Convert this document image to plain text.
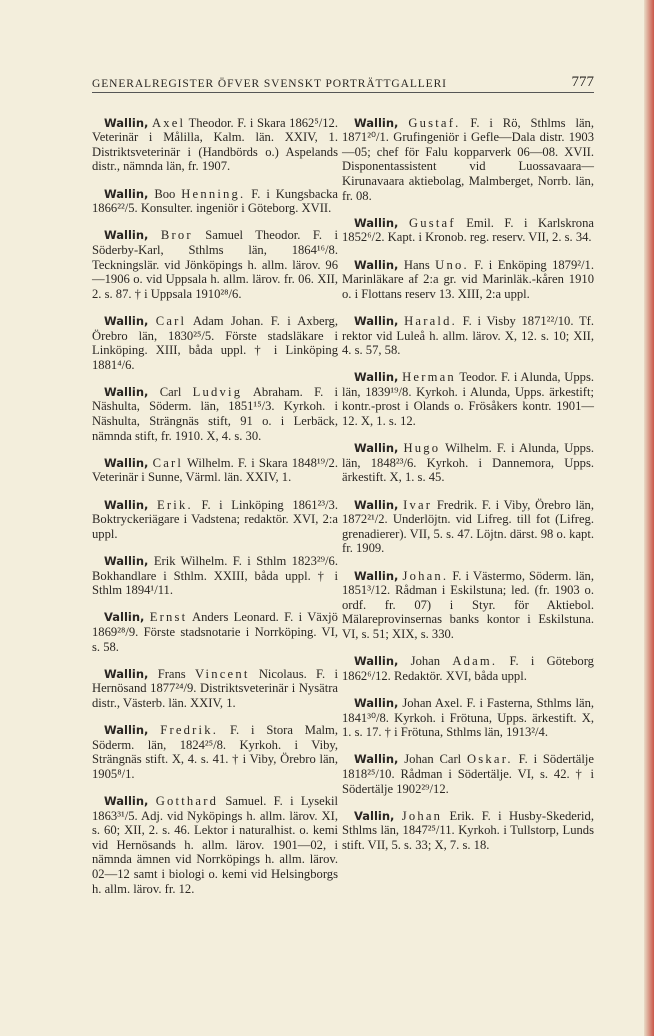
GENERALREGISTER ÖFVER SVENSKT PORTRÄTTGALLERI	777

Wallin, Axel Theodor. F. i Skara 1862⁵/12. Veterinär i Målilla, Kalm. län. XXIV, 1. Distriktsveterinär i (Handbörds o.) Aspelands distr., nämnda län, fr. 1907.

Wallin, Boo Henning. F. i Kungsbacka 1866²²/5. Konsulter. ingeniör i Göteborg. XVII.

Wallin, Bror Samuel Theodor. F. i Söderby-Karl, Sthlms län, 1864¹⁶/8. Teckningslär. vid Jönköpings h. allm. lärov. 96—1906 o. vid Uppsala h. allm. lärov. fr. 06. XII, 2. s. 87. † i Uppsala 1910²⁸/6.

Wallin, Carl Adam Johan. F. i Axberg, Örebro län, 1830²⁵/5. Förste stadsläkare i Linköping. XIII, båda uppl. † i Linköping 1881⁴/6.

Wallin, Carl Ludvig Abraham. F. i Näshulta, Söderm. län, 1851¹⁵/3. Kyrkoh. i Näshulta, Strängnäs stift, 91 o. i Lerbäck, nämnda stift, fr. 1910. X, 4. s. 30.

Wallin, Carl Wilhelm. F. i Skara 1848¹⁹/2. Veterinär i Sunne, Värml. län. XXIV, 1.

Wallin, Erik. F. i Linköping 1861²³/3. Boktryckeriägare i Vadstena; redaktör. XVI, 2:a uppl.

Wallin, Erik Wilhelm. F. i Sthlm 1823²⁹/6. Bokhandlare i Sthlm. XXIII, båda uppl. † i Sthlm 1894¹/11.

Vallin, Ernst Anders Leonard. F. i Växjö 1869²⁸/9. Förste stadsnotarie i Norrköping. VI, s. 58.

Wallin, Frans Vincent Nicolaus. F. i Hernösand 1877²⁴/9. Distriktsveterinär i Nysätra distr., Västerb. län. XXIV, 1.

Wallin, Fredrik. F. i Stora Malm, Söderm. län, 1824²⁵/8. Kyrkoh. i Viby, Strängnäs stift. X, 4. s. 41. † i Viby, Örebro län, 1905⁸/1.

Wallin, Gotthard Samuel. F. i Lysekil 1863³¹/5. Adj. vid Nyköpings h. allm. lärov. XI, s. 60; XII, 2. s. 46. Lektor i naturalhist. o. kemi vid Hernösands h. allm. lärov. 1901—02, i nämnda ämnen vid Norrköpings h. allm. lärov. 02—12 samt i biologi o. kemi vid Helsingborgs h. allm. lärov. fr. 12.

Wallin, Gustaf. F. i Rö, Sthlms län, 1871²⁰/1. Grufingeniör i Gefle—Dala distr. 1903—05; chef för Falu kopparverk 06—08. XVII. Disponentassistent vid Luossavaara—Kirunavaara aktiebolag, Malmberget, Norrb. län, fr. 08.

Wallin, Gustaf Emil. F. i Karlskrona 1852⁶/2. Kapt. i Kronob. reg. reserv. VII, 2. s. 34.

Wallin, Hans Uno. F. i Enköping 1879²/1. Marinläkare af 2:a gr. vid Marinläk.-kåren 1910 o. i Flottans reserv 13. XIII, 2:a uppl.

Wallin, Harald. F. i Visby 1871²²/10. Tf. rektor vid Luleå h. allm. lärov. X, 12. s. 10; XII, 4. s. 57, 58.

Wallin, Herman Teodor. F. i Alunda, Upps. län, 1839¹⁹/8. Kyrkoh. i Alunda, Upps. ärkestift; kontr.-prost i Olands o. Frösåkers kontr. 1901—12. X, 1. s. 12.

Wallin, Hugo Wilhelm. F. i Alunda, Upps. län, 1848²³/6. Kyrkoh. i Dannemora, Upps. ärkestift. X, 1. s. 45.

Wallin, Ivar Fredrik. F. i Viby, Örebro län, 1872²¹/2. Underlöjtn. vid Lifreg. till fot (Lifreg. grenadierer). VII, 5. s. 47. Löjtn. därst. 98 o. kapt. fr. 1909.

Wallin, Johan. F. i Västermo, Söderm. län, 1851³/12. Rådman i Eskilstuna; led. (fr. 1903 o. ordf. fr. 07) i Styr. för Aktiebol. Mälareprovinsernas banks kontor i Eskilstuna. VI, s. 51; XIX, s. 330.

Wallin, Johan Adam. F. i Göteborg 1862⁶/12. Redaktör. XVI, båda uppl.

Wallin, Johan Axel. F. i Fasterna, Sthlms län, 1841³⁰/8. Kyrkoh. i Frötuna, Upps. ärkestift. X, 1. s. 17. † i Frötuna, Sthlms län, 1913²/4.

Wallin, Johan Carl Oskar. F. i Södertälje 1818²⁵/10. Rådman i Södertälje. VI, s. 42. † i Södertälje 1902²⁹/12.

Vallin, Johan Erik. F. i Husby-Skederid, Sthlms län, 1847²⁵/11. Kyrkoh. i Tullstorp, Lunds stift. VII, 5. s. 33; X, 7. s. 18.
